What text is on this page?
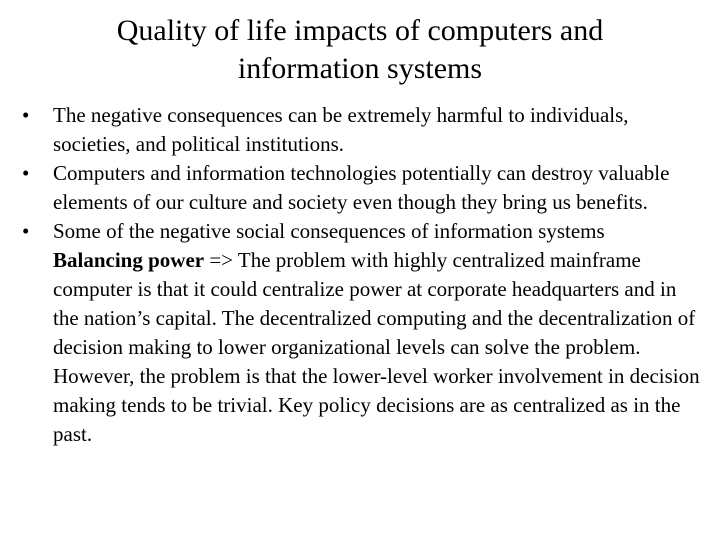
Quality of life impacts of computers and information systems
•	The negative consequences can be extremely harmful to individuals, societies, and political institutions.
•	Computers and information technologies potentially can destroy valuable elements of our culture and society even though they bring us benefits.
•	Some of the negative social consequences of information systems
Balancing power => The problem with highly centralized mainframe computer is that it could centralize power at corporate headquarters and in the nation’s capital. The decentralized computing and the decentralization of decision making to lower organizational levels can solve the problem. However, the problem is that the lower-level worker involvement in decision making tends to be trivial. Key policy decisions are as centralized as in the past.
